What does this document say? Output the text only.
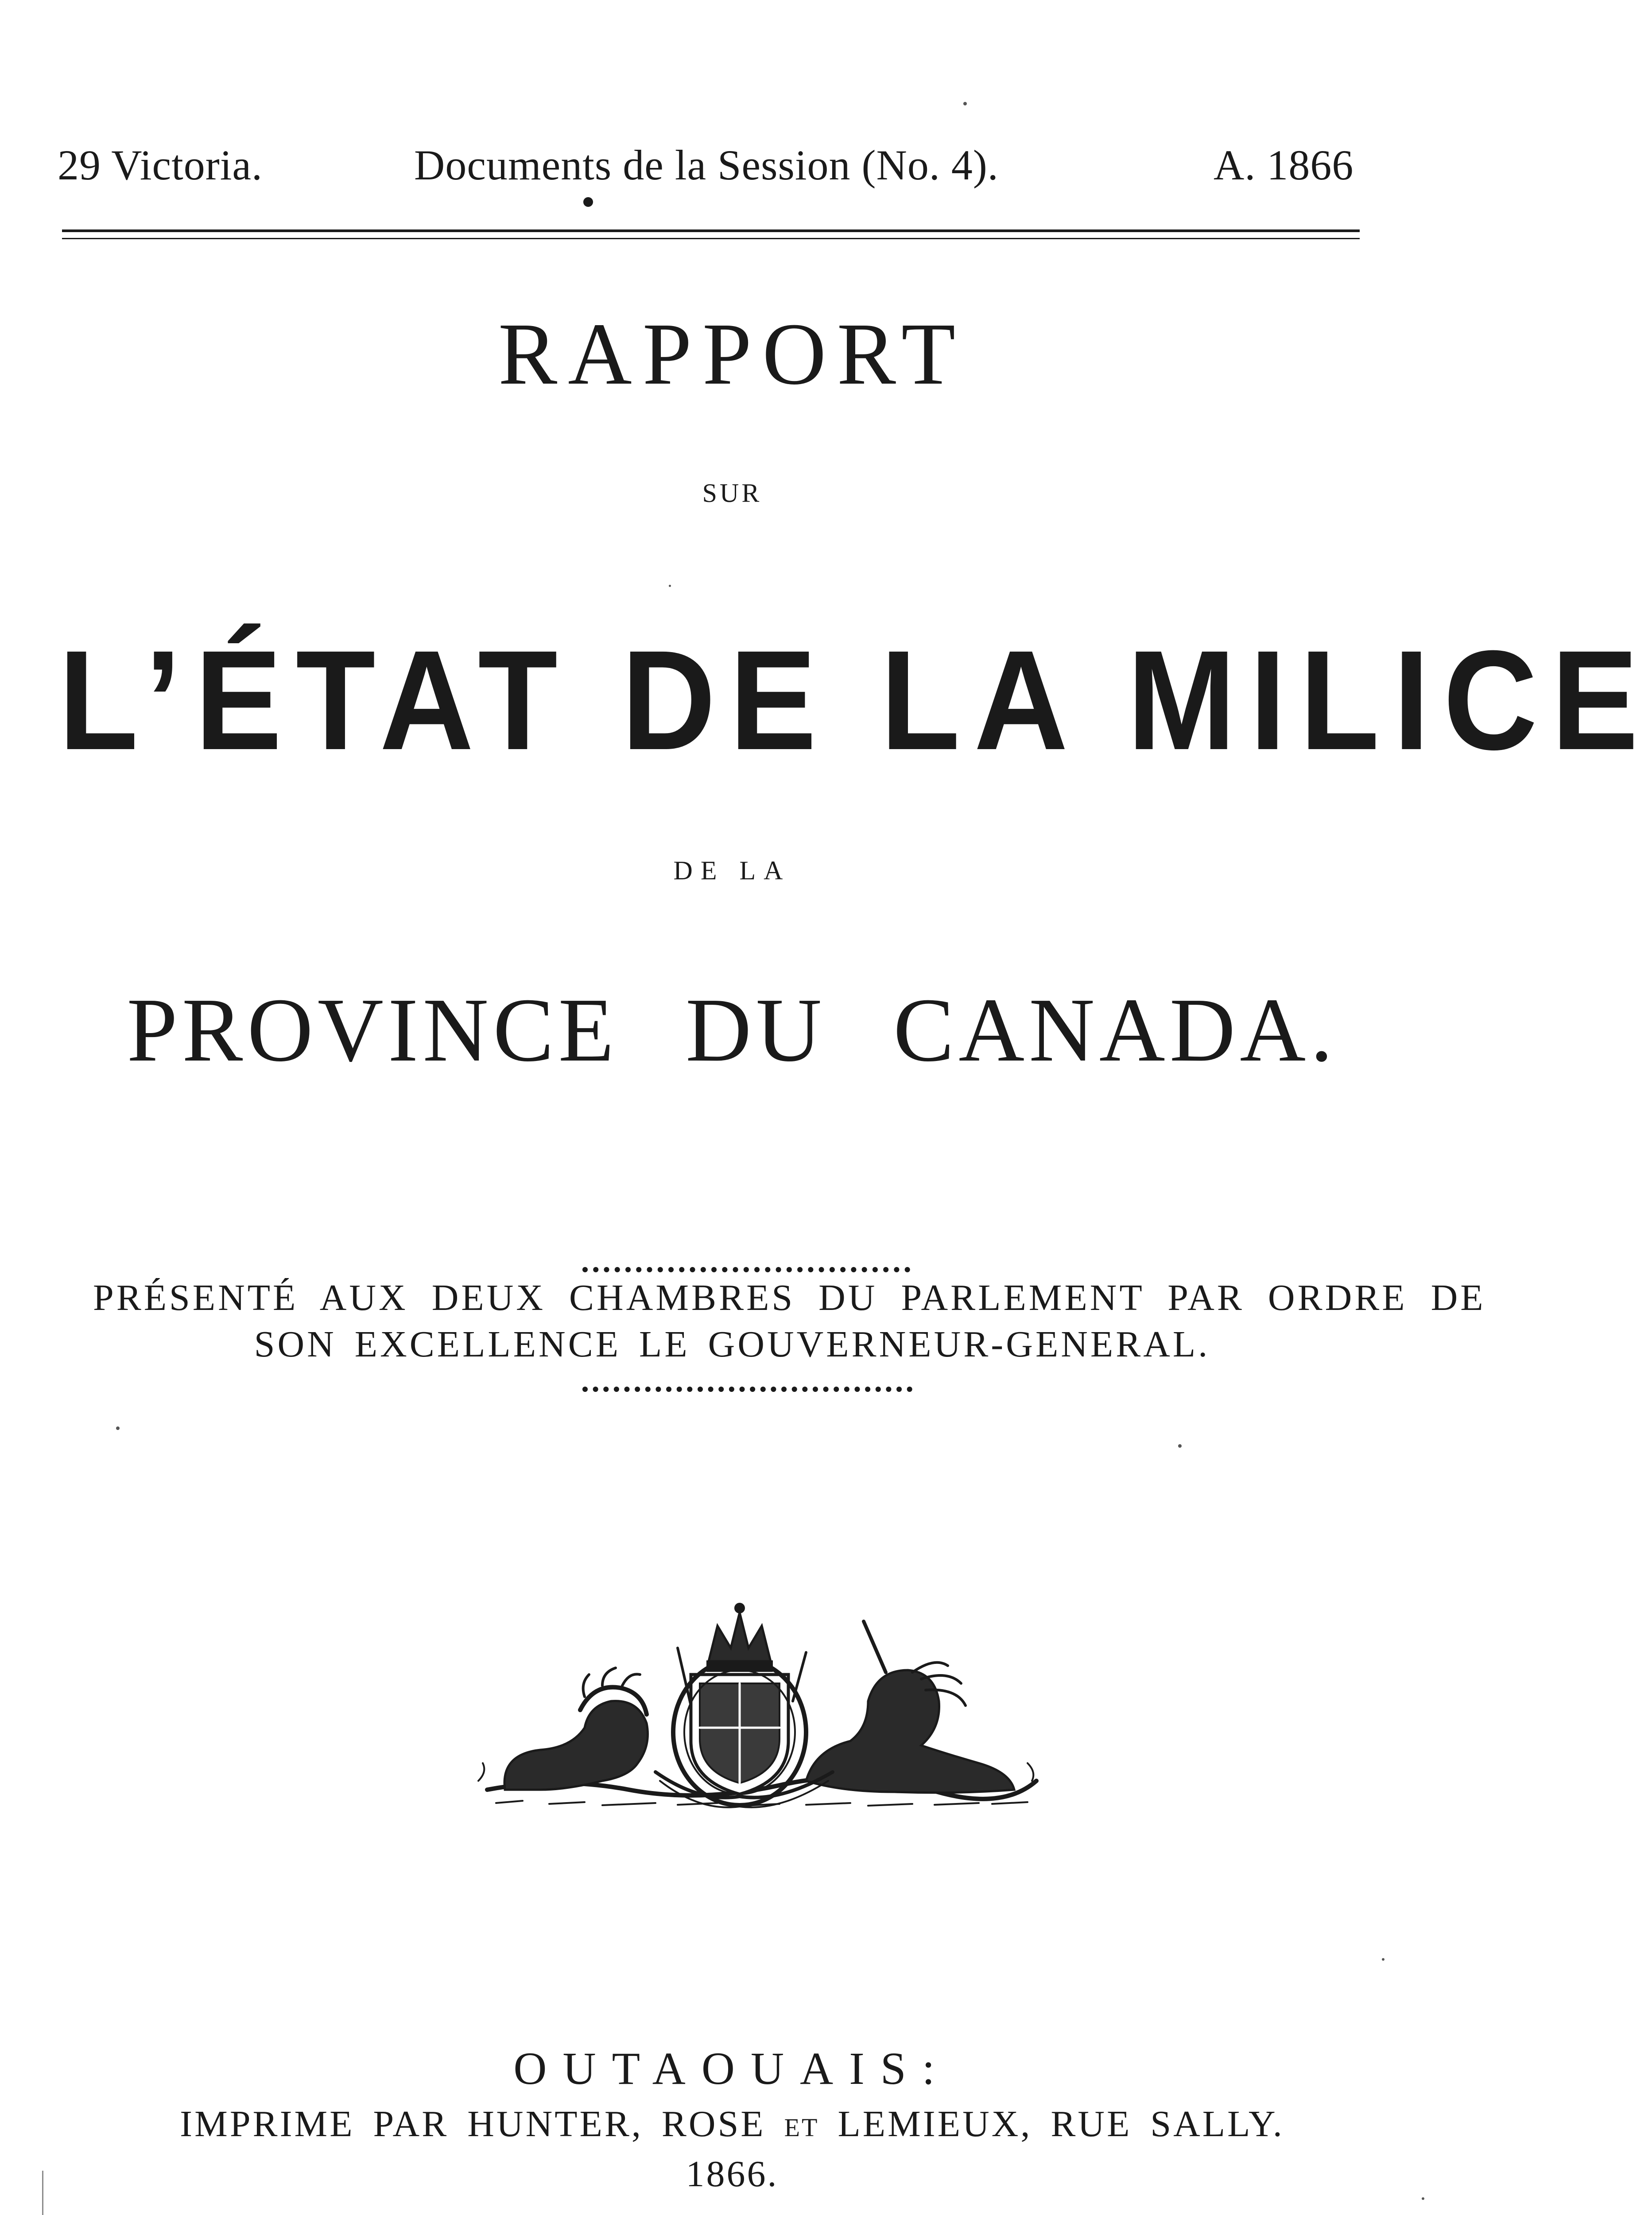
29 Victoria.	Documents de la Session (No. 4).	A. 1866
RAPPORT
SUR
L’ÉTAT DE LA MILICE
DE LA
PROVINCE DU CANADA.
PRÉSENTÉ AUX DEUX CHAMBRES DU PARLEMENT PAR ORDRE DE
SON EXCELLENCE LE GOUVERNEUR-GENERAL.
OUTAOUAIS:
IMPRIME PAR HUNTER, ROSE ET LEMIEUX, RUE SALLY.
1866.
